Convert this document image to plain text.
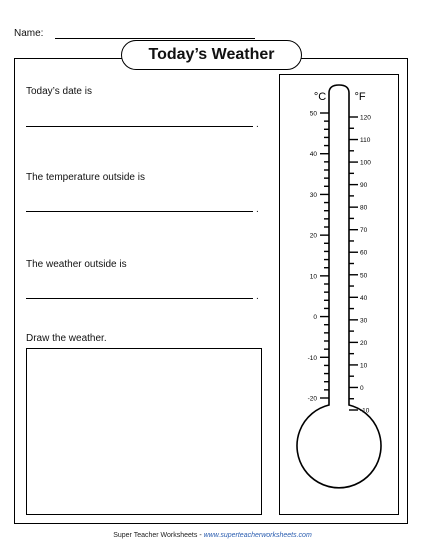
Name:
Today’s Weather
Today’s date is
.
The temperature outside is
.
The weather outside is
.
Draw the weather.
°C	°F
50
40
30
20
10
0
-10
-20
120
110
100
90
80
70
60
50
40
30
20
10
0
-10
Super Teacher Worksheets - www.superteacherworksheets.com
